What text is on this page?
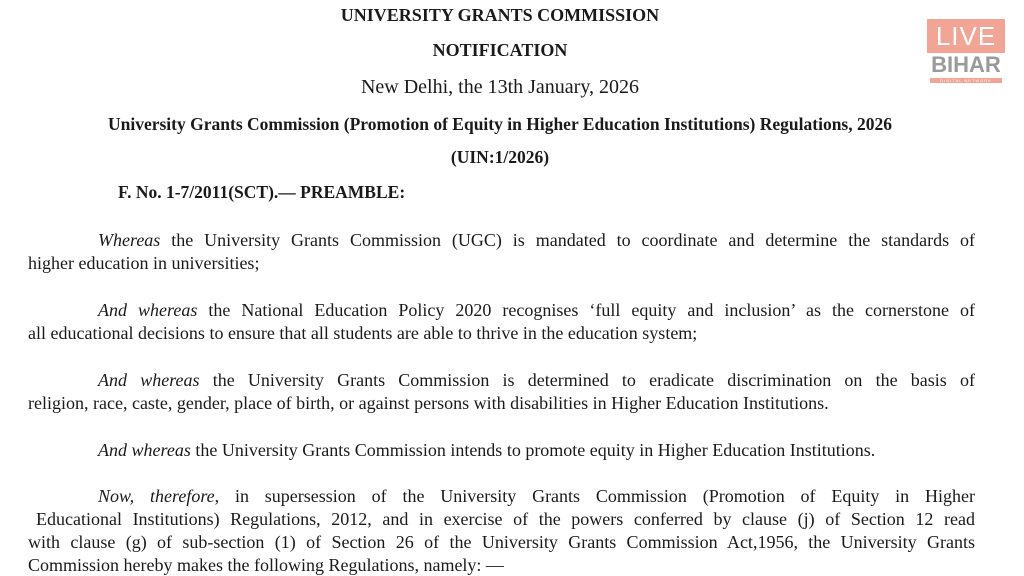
LIVE
BIHAR
DIGITAL NETWORK
UNIVERSITY GRANTS COMMISSION
NOTIFICATION
New Delhi, the 13th January, 2026
University Grants Commission (Promotion of Equity in Higher Education Institutions) Regulations, 2026
(UIN:1/2026)
F. No. 1-7/2011(SCT).— PREAMBLE:
Whereas the University Grants Commission (UGC) is mandated to coordinate and determine the standards of
higher education in universities;
And whereas the National Education Policy 2020 recognises ‘full equity and inclusion’ as the cornerstone of
all educational decisions to ensure that all students are able to thrive in the education system;
And whereas the University Grants Commission is determined to eradicate discrimination on the basis of
religion, race, caste, gender, place of birth, or against persons with disabilities in Higher Education Institutions.
And whereas the University Grants Commission intends to promote equity in Higher Education Institutions.
Now, therefore, in supersession of the University Grants Commission (Promotion of Equity in Higher
Educational Institutions) Regulations, 2012, and in exercise of the powers conferred by clause (j) of Section 12 read
with clause (g) of sub-section (1) of Section 26 of the University Grants Commission Act,1956, the University Grants
Commission hereby makes the following Regulations, namely: —
